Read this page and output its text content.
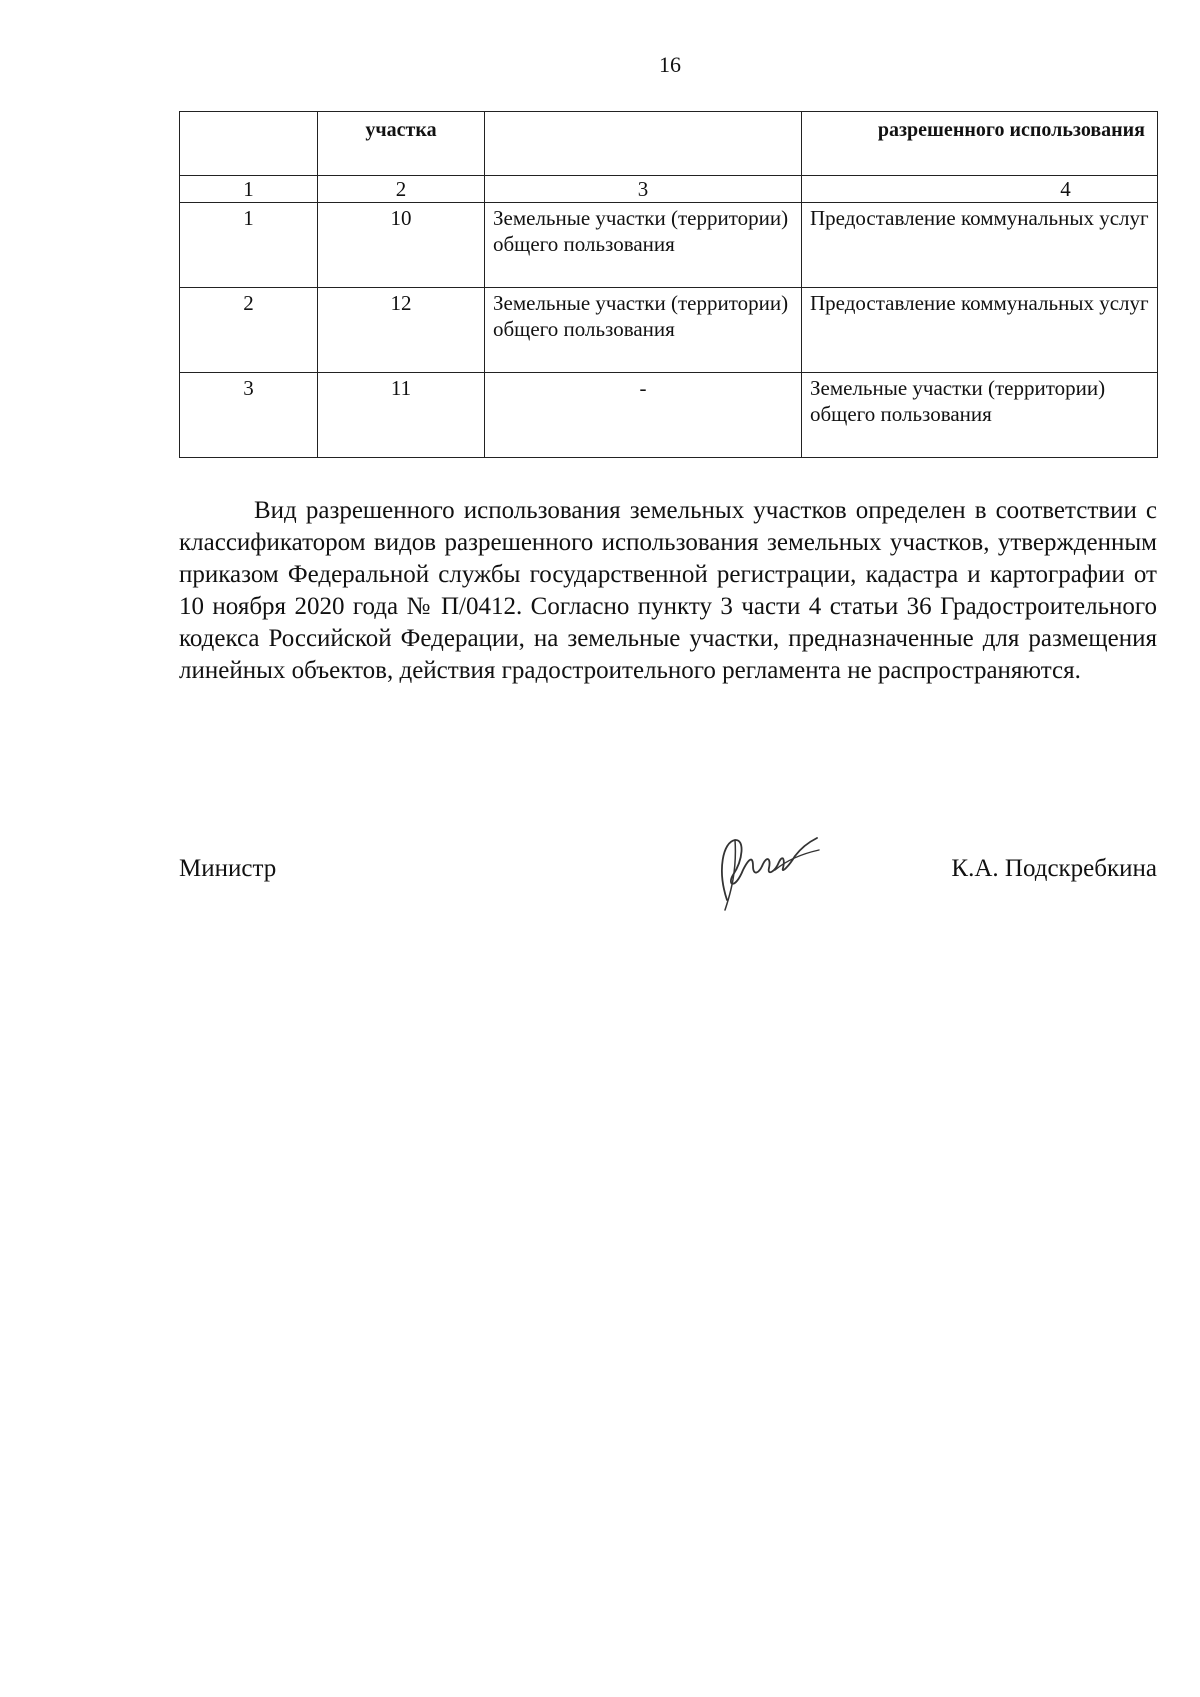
16
	участка		разрешенного использования
1	2	3	4
1	10	Земельные участки (территории) общего пользования	Предоставление коммунальных услуг
2	12	Земельные участки (территории) общего пользования	Предоставление коммунальных услуг
3	11	-	Земельные участки (территории) общего пользования

Вид разрешенного использования земельных участков определен в соответствии с классификатором видов разрешенного использования земельных участков, утвержденным приказом Федеральной службы государственной регистрации, кадастра и картографии от 10 ноября 2020 года № П/0412. Согласно пункту 3 части 4 статьи 36 Градостроительного кодекса Российской Федерации, на земельные участки, предназначенные для размещения линейных объектов, действия градостроительного регламента не распространяются.

Министр	К.А. Подскребкина
